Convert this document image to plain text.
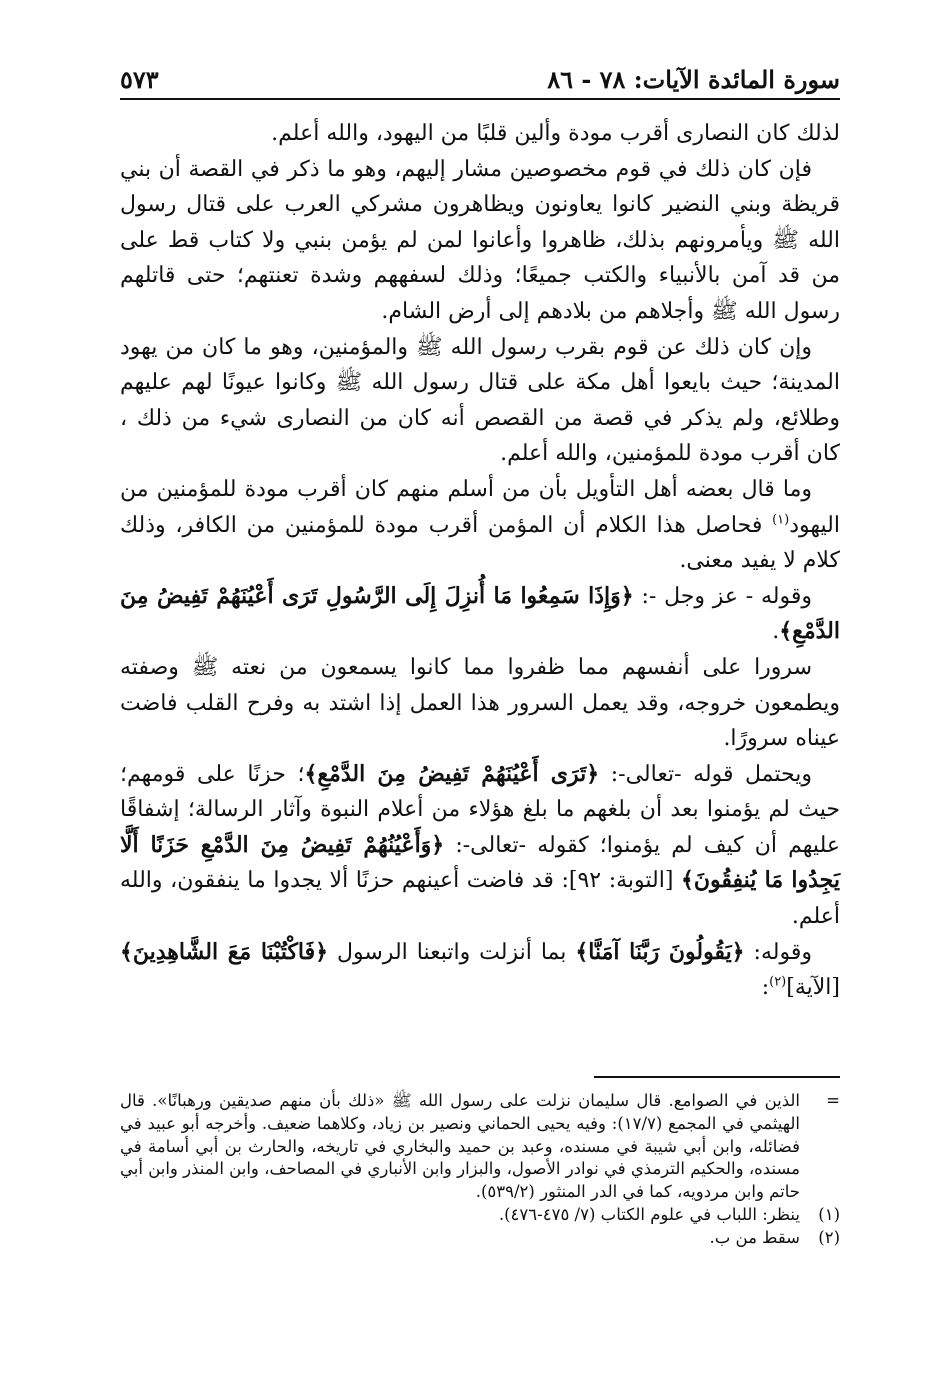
سورة المائدة الآيات: ٧٨ - ٨٦
٥٧٣

لذلك كان النصارى أقرب مودة وألين قلبًا من اليهود، والله أعلم.

فإن كان ذلك في قوم مخصوصين مشار إليهم، وهو ما ذكر في القصة أن بني قريظة وبني النضير كانوا يعاونون ويظاهرون مشركي العرب على قتال رسول الله ﷺ ويأمرونهم بذلك، ظاهروا وأعانوا لمن لم يؤمن بنبي ولا كتاب قط على من قد آمن بالأنبياء والكتب جميعًا؛ وذلك لسفههم وشدة تعنتهم؛ حتى قاتلهم رسول الله ﷺ وأجلاهم من بلادهم إلى أرض الشام.

وإن كان ذلك عن قوم بقرب رسول الله ﷺ والمؤمنين، وهو ما كان من يهود المدينة؛ حيث بايعوا أهل مكة على قتال رسول الله ﷺ وكانوا عيونًا لهم عليهم وطلائع، ولم يذكر في قصة من القصص أنه كان من النصارى شيء من ذلك ، كان أقرب مودة للمؤمنين، والله أعلم.

وما قال بعضه أهل التأويل بأن من أسلم منهم كان أقرب مودة للمؤمنين من اليهود$^{(١)}$ فحاصل هذا الكلام أن المؤمن أقرب مودة للمؤمنين من الكافر، وذلك كلام لا يفيد معنى.

وقوله - عز وجل -: ﴿وَإِذَا سَمِعُوا مَا أُنزِلَ إِلَى الرَّسُولِ تَرَى أَعْيُنَهُمْ تَفِيضُ مِنَ الدَّمْعِ﴾.

سرورا على أنفسهم مما ظفروا مما كانوا يسمعون من نعته ﷺ وصفته ويطمعون خروجه، وقد يعمل السرور هذا العمل إذا اشتد به وفرح القلب فاضت عيناه سرورًا.

ويحتمل قوله -تعالى-: ﴿تَرَى أَعْيُنَهُمْ تَفِيضُ مِنَ الدَّمْعِ﴾؛ حزنًا على قومهم؛ حيث لم يؤمنوا بعد أن بلغهم ما بلغ هؤلاء من أعلام النبوة وآثار الرسالة؛ إشفاقًا عليهم أن كيف لم يؤمنوا؛ كقوله -تعالى-: ﴿وَأَعْيُنُهُمْ تَفِيضُ مِنَ الدَّمْعِ حَزَنًا أَلَّا يَجِدُوا مَا يُنفِقُونَ﴾ [التوبة: ٩٢]: قد فاضت أعينهم حزنًا ألا يجدوا ما ينفقون، والله أعلم.

وقوله: ﴿يَقُولُونَ رَبَّنَا آمَنَّا﴾ بما أنزلت واتبعنا الرسول ﴿فَاكْتُبْنَا مَعَ الشَّاهِدِينَ﴾ [الآية]$^{(٢)}$:

=
الذين في الصوامع. قال سليمان نزلت على رسول الله ﷺ «ذلك بأن منهم صديقين ورهبانًا». قال الهيثمي في المجمع (١٧/٧): وفيه يحيى الحماني ونصير بن زياد، وكلاهما ضعيف. وأخرجه أبو عبيد في فضائله، وابن أبي شيبة في مسنده، وعبد بن حميد والبخاري في تاريخه، والحارث بن أبي أسامة في مسنده، والحكيم الترمذي في نوادر الأصول، والبزار وابن الأنباري في المصاحف، وابن المنذر وابن أبي حاتم وابن مردويه، كما في الدر المنثور (٥٣٩/٢).
(١)
ينظر: اللباب في علوم الكتاب (٧/ ٤٧٥-٤٧٦).
(٢)
سقط من ب.
